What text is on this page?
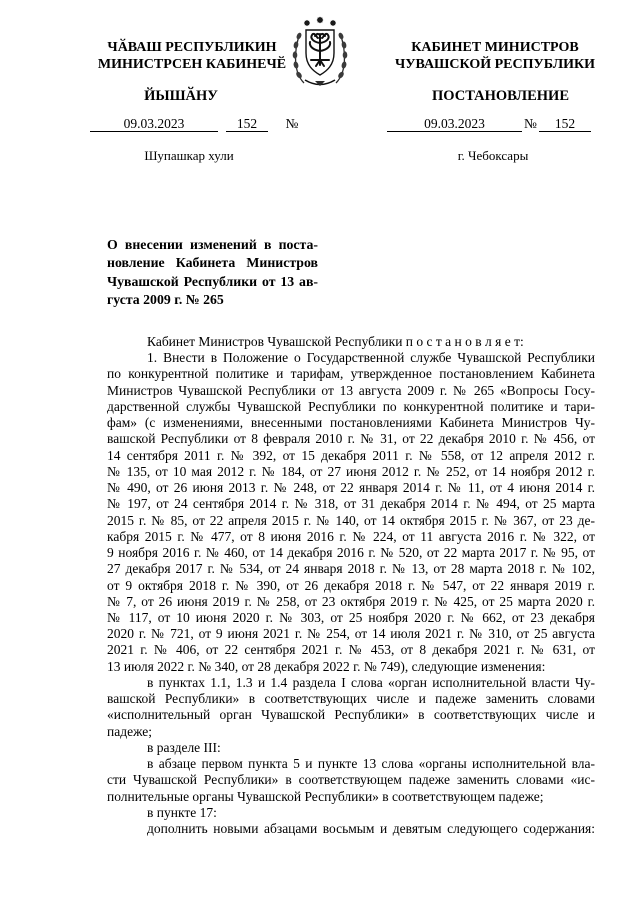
ЧӐВАШ РЕСПУБЛИКИН
МИНИСТРСЕН КАБИНЕЧӖ
ЙЫШӐНУ
09.03.2023	152	№
Шупашкар хули
КАБИНЕТ МИНИСТРОВ
ЧУВАШСКОЙ РЕСПУБЛИКИ
ПОСТАНОВЛЕНИЕ
09.03.2023	№	152
г. Чебоксары
О внесении изменений в поста-
новление Кабинета Министров
Чувашской Республики от 13 ав-
густа 2009 г. № 265
Кабинет Министров Чувашской Республики п о с т а н о в л я е т:
1. Внести в Положение о Государственной службе Чувашской Республики
по конкурентной политике и тарифам, утвержденное постановлением Кабинета
Министров Чувашской Республики от 13 августа 2009 г. № 265 «Вопросы Госу-
дарственной службы Чувашской Республики по конкурентной политике и тари-
фам» (с изменениями, внесенными постановлениями Кабинета Министров Чу-
вашской Республики от 8 февраля 2010 г. № 31, от 22 декабря 2010 г. № 456, от
14 сентября 2011 г. № 392, от 15 декабря 2011 г. № 558, от 12 апреля 2012 г.
№ 135, от 10 мая 2012 г. № 184, от 27 июня 2012 г. № 252, от 14 ноября 2012 г.
№ 490, от 26 июня 2013 г. № 248, от 22 января 2014 г. № 11, от 4 июня 2014 г.
№ 197, от 24 сентября 2014 г. № 318, от 31 декабря 2014 г. № 494, от 25 марта
2015 г. № 85, от 22 апреля 2015 г. № 140, от 14 октября 2015 г. № 367, от 23 де-
кабря 2015 г. № 477, от 8 июня 2016 г. № 224, от 11 августа 2016 г. № 322, от
9 ноября 2016 г. № 460, от 14 декабря 2016 г. № 520, от 22 марта 2017 г. № 95, от
27 декабря 2017 г. № 534, от 24 января 2018 г. № 13, от 28 марта 2018 г. № 102,
от 9 октября 2018 г. № 390, от 26 декабря 2018 г. № 547, от 22 января 2019 г.
№ 7, от 26 июня 2019 г. № 258, от 23 октября 2019 г. № 425, от 25 марта 2020 г.
№ 117, от 10 июня 2020 г. № 303, от 25 ноября 2020 г. № 662, от 23 декабря
2020 г. № 721, от 9 июня 2021 г. № 254, от 14 июля 2021 г. № 310, от 25 августа
2021 г. № 406, от 22 сентября 2021 г. № 453, от 8 декабря 2021 г. № 631, от
13 июля 2022 г. № 340, от 28 декабря 2022 г. № 749), следующие изменения:
в пунктах 1.1, 1.3 и 1.4 раздела I слова «орган исполнительной власти Чу-
вашской Республики» в соответствующих числе и падеже заменить словами
«исполнительный орган Чувашской Республики» в соответствующих числе и
падеже;
в разделе III:
в абзаце первом пункта 5 и пункте 13 слова «органы исполнительной вла-
сти Чувашской Республики» в соответствующем падеже заменить словами «ис-
полнительные органы Чувашской Республики» в соответствующем падеже;
в пункте 17:
дополнить новыми абзацами восьмым и девятым следующего содержания:
